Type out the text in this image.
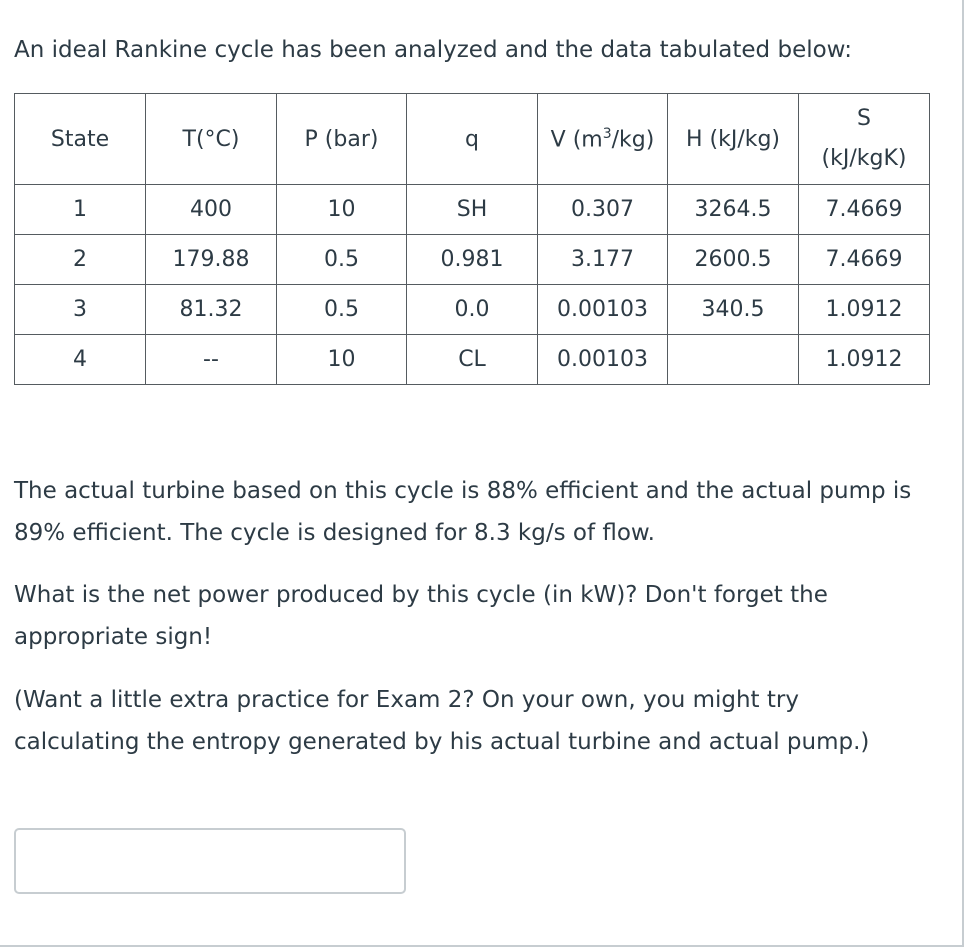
An ideal Rankine cycle has been analyzed and the data tabulated below:

State	T(°C)	P (bar)	q	V $(m^3/kg)$	H (kJ/kg)	S
(kJ/kgK)

1	400	10	SH	0.307	3264.5	7.4669
2	179.88	0.5	0.981	3.177	2600.5	7.4669
3	81.32	0.5	0.0	0.00103	340.5	1.0912
4	--	10	CL	0.00103		1.0912

The actual turbine based on this cycle is 88% efficient and the actual pump is 89% efficient. The cycle is designed for 8.3 kg/s of flow.

What is the net power produced by this cycle (in kW)? Don't forget the appropriate sign!

(Want a little extra practice for Exam 2? On your own, you might try calculating the entropy generated by his actual turbine and actual pump.)
